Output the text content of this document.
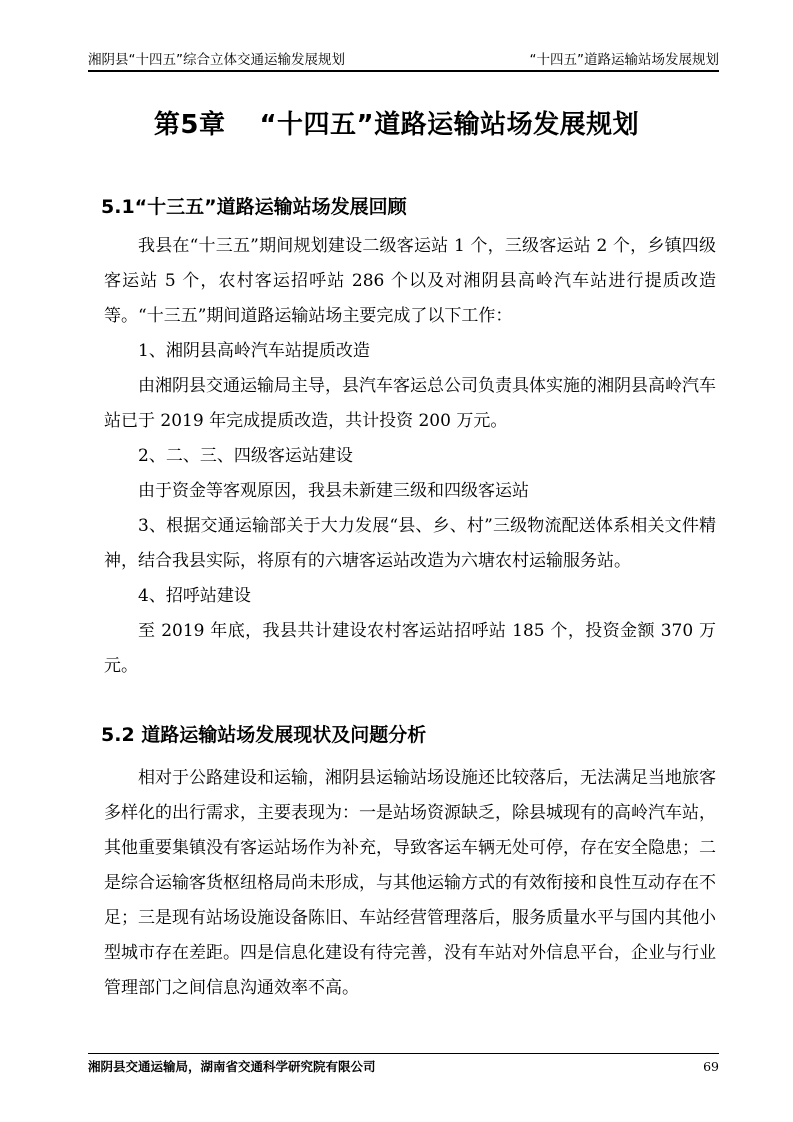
湘阴县“十四五”综合立体交通运输发展规划	“十四五”道路运输站场发展规划
第5章 “十四五”道路运输站场发展规划
5.1“十三五”道路运输站场发展回顾

我县在“十三五”期间规划建设二级客运站 1 个，三级客运站 2 个，乡镇四级客运站 5 个，农村客运招呼站 286 个以及对湘阴县高岭汽车站进行提质改造等。“十三五”期间道路运输站场主要完成了以下工作：

1、湘阴县高岭汽车站提质改造

由湘阴县交通运输局主导，县汽车客运总公司负责具体实施的湘阴县高岭汽车站已于 2019 年完成提质改造，共计投资 200 万元。

2、二、三、四级客运站建设

由于资金等客观原因，我县未新建三级和四级客运站

3、根据交通运输部关于大力发展“县、乡、村”三级物流配送体系相关文件精神，结合我县实际，将原有的六塘客运站改造为六塘农村运输服务站。

4、招呼站建设

至 2019 年底，我县共计建设农村客运站招呼站 185 个，投资金额 370 万元。

5.2 道路运输站场发展现状及问题分析

相对于公路建设和运输，湘阴县运输站场设施还比较落后，无法满足当地旅客多样化的出行需求，主要表现为：一是站场资源缺乏，除县城现有的高岭汽车站，其他重要集镇没有客运站场作为补充，导致客运车辆无处可停，存在安全隐患；二是综合运输客货枢纽格局尚未形成，与其他运输方式的有效衔接和良性互动存在不足；三是现有站场设施设备陈旧、车站经营管理落后，服务质量水平与国内其他小型城市存在差距。四是信息化建设有待完善，没有车站对外信息平台，企业与行业管理部门之间信息沟通效率不高。

湘阴县交通运输局，湖南省交通科学研究院有限公司	69
